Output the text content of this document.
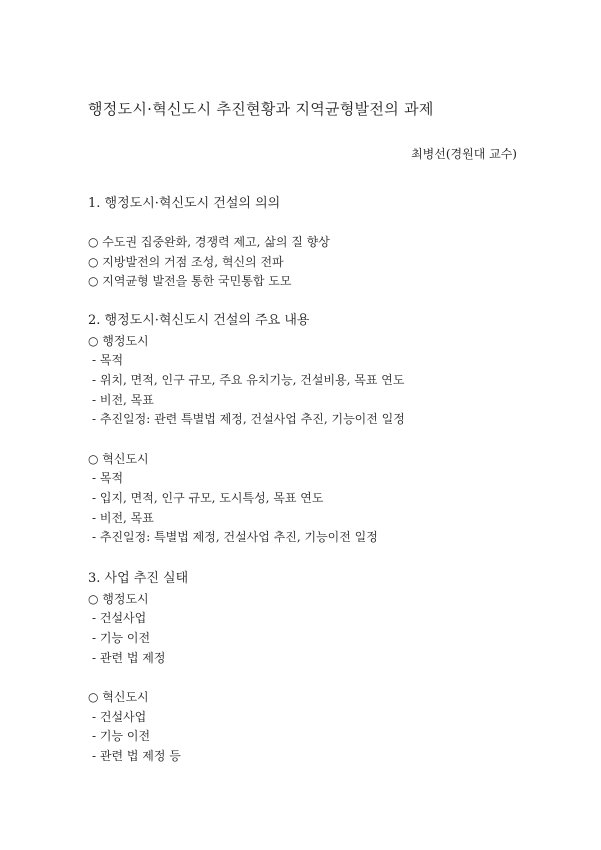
행정도시·혁신도시 추진현황과 지역균형발전의 과제
최병선(경원대 교수)
1. 행정도시·혁신도시 건설의 의의
○ 수도권 집중완화, 경쟁력 제고, 삶의 질 향상
○ 지방발전의 거점 조성, 혁신의 전파
○ 지역균형 발전을 통한 국민통합 도모
2. 행정도시·혁신도시 건설의 주요 내용
○ 행정도시
- 목적
- 위치, 면적, 인구 규모, 주요 유치기능, 건설비용, 목표 연도
- 비전, 목표
- 추진일정: 관련 특별법 제정, 건설사업 추진, 기능이전 일정
○ 혁신도시
- 목적
- 입지, 면적, 인구 규모, 도시특성, 목표 연도
- 비전, 목표
- 추진일정: 특별법 제정, 건설사업 추진, 기능이전 일정
3. 사업 추진 실태
○ 행정도시
- 건설사업
- 기능 이전
- 관련 법 제정
○ 혁신도시
- 건설사업
- 기능 이전
- 관련 법 제정 등
